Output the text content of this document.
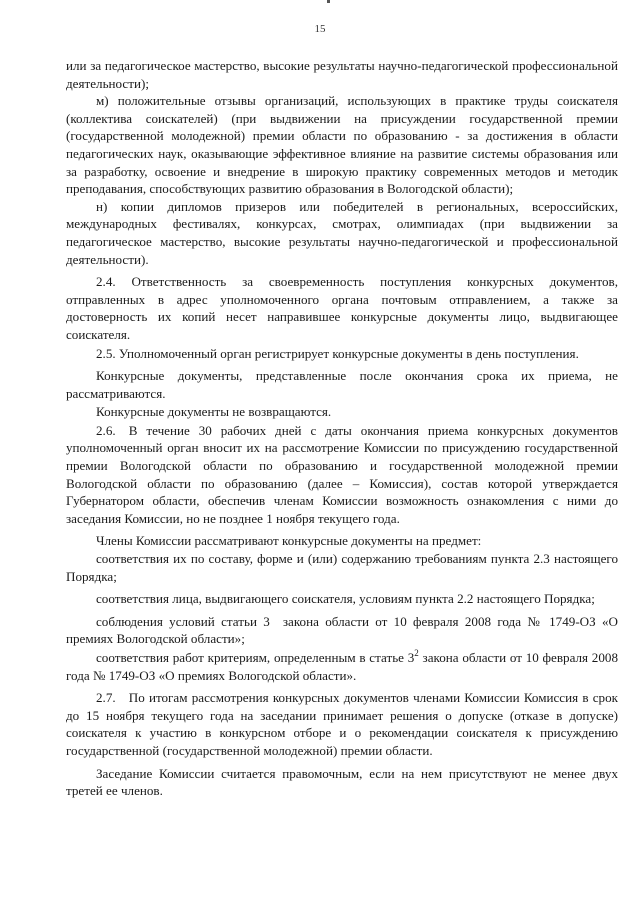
15

или за педагогическое мастерство, высокие результаты научно-педагогической профессиональной деятельности);

м) положительные отзывы организаций, использующих в практике труды соискателя (коллектива соискателей) (при выдвижении на присуждении государственной премии (государственной молодежной) премии области по образованию - за достижения в области педагогических наук, оказывающие эффективное влияние на развитие системы образования или за разработку, освоение и внедрение в широкую практику современных методов и методик преподавания, способствующих развитию образования в Вологодской области);

н) копии дипломов призеров или победителей в региональных, всероссийских, международных фестивалях, конкурсах, смотрах, олимпиадах (при выдвижении за педагогическое мастерство, высокие результаты научно-педагогической и профессиональной деятельности).

2.4. Ответственность за своевременность поступления конкурсных документов, отправленных в адрес уполномоченного органа почтовым отправлением, а также за достоверность их копий несет направившее конкурсные документы лицо, выдвигающее соискателя.

2.5. Уполномоченный орган регистрирует конкурсные документы в день поступления.

Конкурсные документы, представленные после окончания срока их приема, не рассматриваются.

Конкурсные документы не возвращаются.

2.6. В течение 30 рабочих дней с даты окончания приема конкурсных документов уполномоченный орган вносит их на рассмотрение Комиссии по присуждению государственной премии Вологодской области по образованию и государственной молодежной премии Вологодской области по образованию (далее – Комиссия), состав которой утверждается Губернатором области, обеспечив членам Комиссии возможность ознакомления с ними до заседания Комиссии, но не позднее 1 ноября текущего года.

Члены Комиссии рассматривают конкурсные документы на предмет:

соответствия их по составу, форме и (или) содержанию требованиям пункта 2.3 настоящего Порядка;

соответствия лица, выдвигающего соискателя, условиям пункта 2.2 настоящего Порядка;

соблюдения условий статьи 3 закона области от 10 февраля 2008 года № 1749-ОЗ «О премиях Вологодской области»;

соответствия работ критериям, определенным в статье $3^2$ закона области от 10 февраля 2008 года № 1749-ОЗ «О премиях Вологодской области».

2.7. По итогам рассмотрения конкурсных документов членами Комиссии Комиссия в срок до 15 ноября текущего года на заседании принимает решения о допуске (отказе в допуске) соискателя к участию в конкурсном отборе и о рекомендации соискателя к присуждению государственной (государственной молодежной) премии области.

Заседание Комиссии считается правомочным, если на нем присутствуют не менее двух третей ее членов.
